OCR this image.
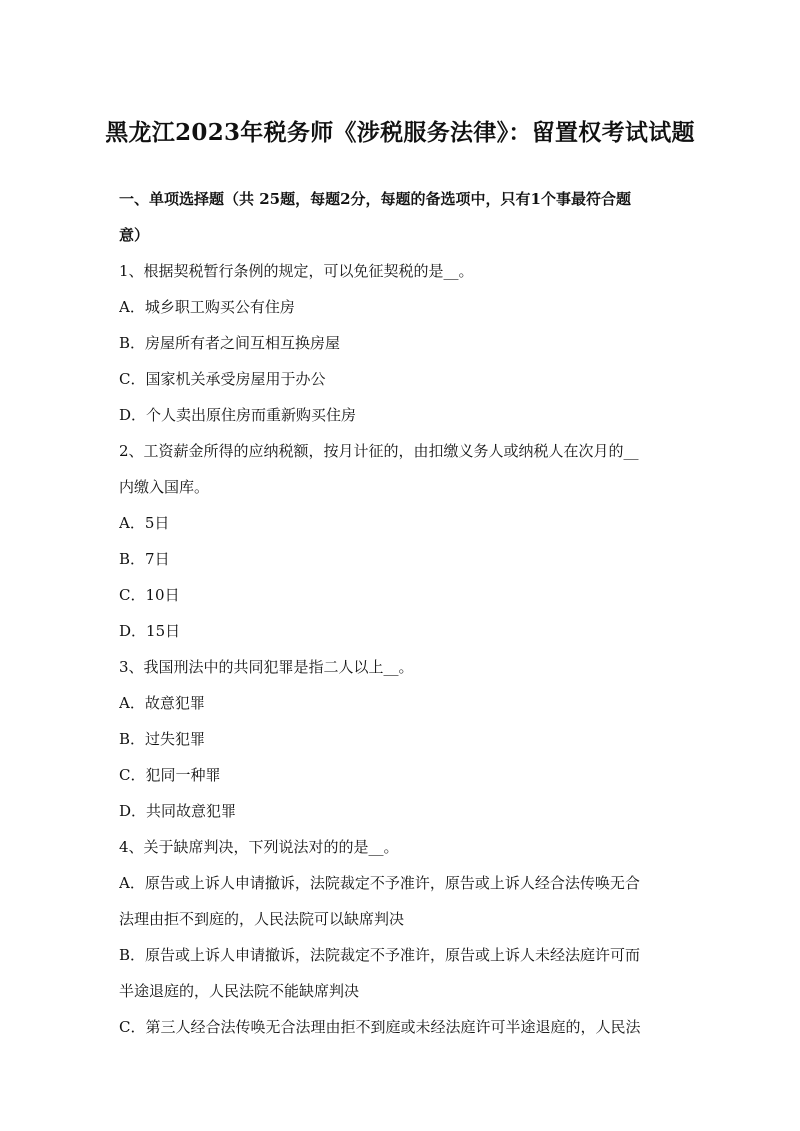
黑龙江2023年税务师《涉税服务法律》：留置权考试试题
一、单项选择题（共 25题，每题2分，每题的备选项中，只有1个事最符合题
意）
1、根据契税暂行条例的规定，可以免征契税的是__。
A．城乡职工购买公有住房
B．房屋所有者之间互相互换房屋
C．国家机关承受房屋用于办公
D．个人卖出原住房而重新购买住房
2、工资薪金所得的应纳税额，按月计征的，由扣缴义务人或纳税人在次月的__
内缴入国库。
A．5日
B．7日
C．10日
D．15日
3、我国刑法中的共同犯罪是指二人以上__。
A．故意犯罪
B．过失犯罪
C．犯同一种罪
D．共同故意犯罪
4、关于缺席判决，下列说法对的的是__。
A．原告或上诉人申请撤诉，法院裁定不予准许，原告或上诉人经合法传唤无合
法理由拒不到庭的，人民法院可以缺席判决
B．原告或上诉人申请撤诉，法院裁定不予准许，原告或上诉人未经法庭许可而
半途退庭的，人民法院不能缺席判决
C．第三人经合法传唤无合法理由拒不到庭或未经法庭许可半途退庭的，人民法
